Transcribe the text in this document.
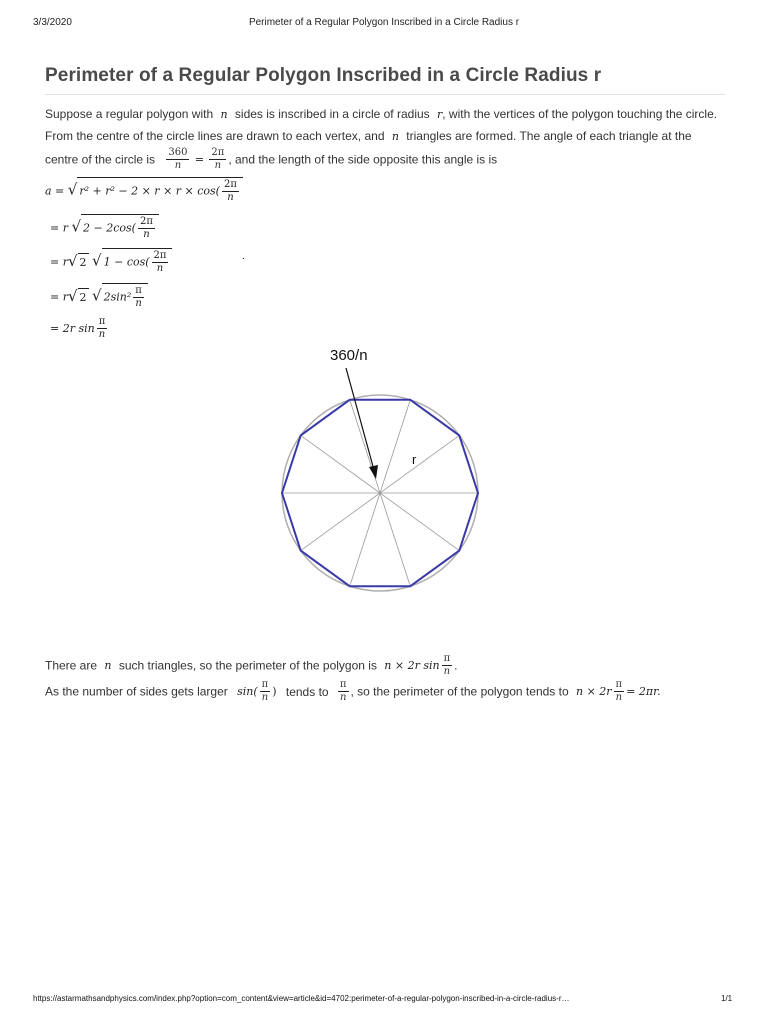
3/3/2020	Perimeter of a Regular Polygon Inscribed in a Circle Radius r
Perimeter of a Regular Polygon Inscribed in a Circle Radius r
Suppose a regular polygon with n sides is inscribed in a circle of radius r, with the vertices of the polygon touching the circle.
From the centre of the circle lines are drawn to each vertex, and n triangles are formed. The angle of each triangle at the
centre of the circle is $\frac{360}{n} = \frac{2\pi}{n}$ , and the length of the side opposite this angle is is
a = √ $r^2 + r^2 - 2 \times r \times r \times \cos( \frac{2\pi}{n}$
= r √ $2 - 2\cos( \frac{2\pi}{n}$
= r√ 2 √ $1 - \cos( \frac{2\pi}{n}$
= r√ 2 √ $2\sin^2 \frac{\pi}{n}$
= 2r $\sin \frac{\pi}{n}$
.
360/n
r
There are n such triangles, so the perimeter of the polygon is n × 2r $\sin \frac{\pi}{n}$ .
As the number of sides gets larger $\sin( \frac{\pi}{n}$ ) tends to $\frac{\pi}{n}$ , so the perimeter of the polygon tends to $n \times 2r \frac{\pi}{n} = 2\pi r$.
https://astarmathsandphysics.com/index.php?option=com_content&view=article&id=4702:perimeter-of-a-regular-polygon-inscribed-in-a-circle-radius-r…	1/1
